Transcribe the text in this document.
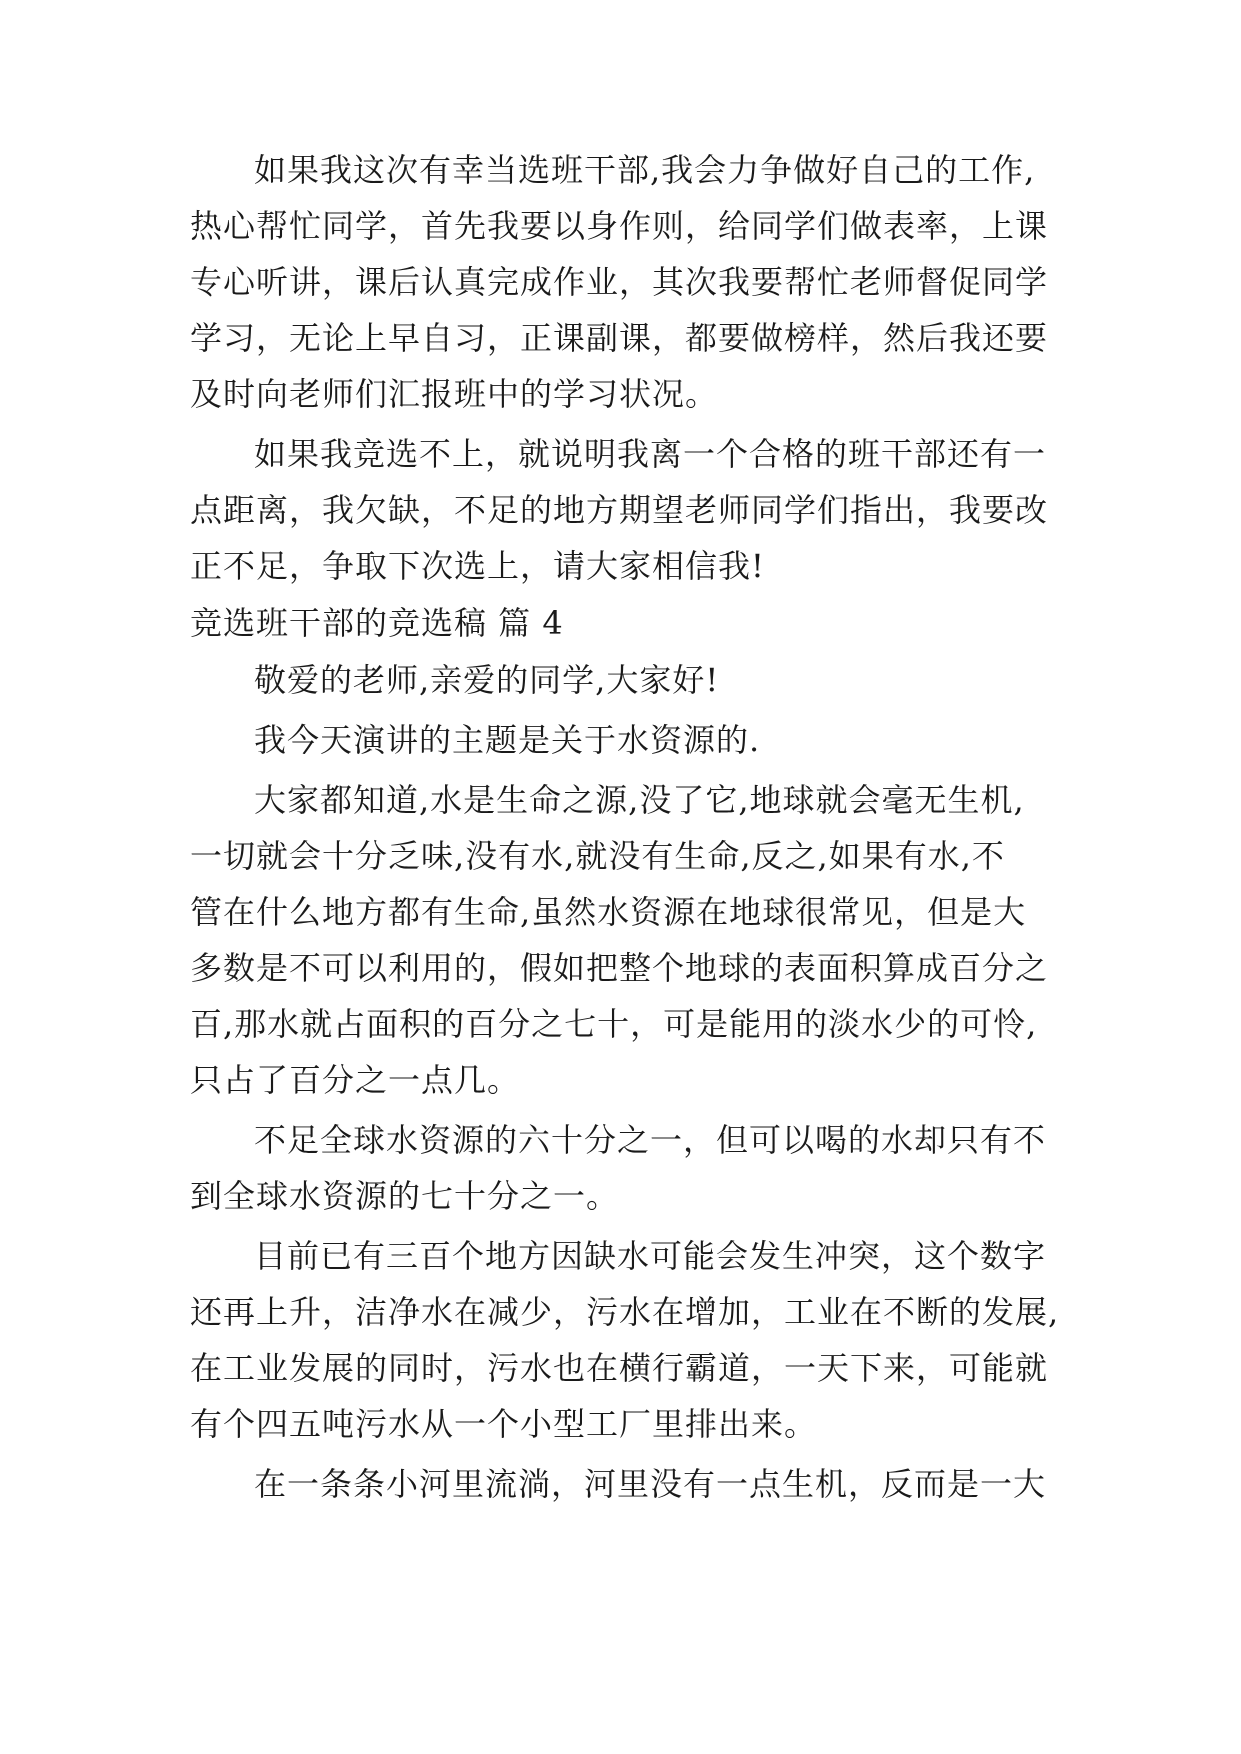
如果我这次有幸当选班干部,我会力争做好自己的工作,
热心帮忙同学，首先我要以身作则，给同学们做表率，上课
专心听讲，课后认真完成作业，其次我要帮忙老师督促同学
学习，无论上早自习，正课副课，都要做榜样，然后我还要
及时向老师们汇报班中的学习状况。
如果我竞选不上，就说明我离一个合格的班干部还有一
点距离，我欠缺，不足的地方期望老师同学们指出，我要改
正不足，争取下次选上，请大家相信我!
竞选班干部的竞选稿 篇 4
敬爱的老师,亲爱的同学,大家好!
我今天演讲的主题是关于水资源的.
大家都知道,水是生命之源,没了它,地球就会毫无生机,
一切就会十分乏味,没有水,就没有生命,反之,如果有水,不
管在什么地方都有生命,虽然水资源在地球很常见，但是大
多数是不可以利用的，假如把整个地球的表面积算成百分之
百,那水就占面积的百分之七十，可是能用的淡水少的可怜,
只占了百分之一点几。
不足全球水资源的六十分之一，但可以喝的水却只有不
到全球水资源的七十分之一。
目前已有三百个地方因缺水可能会发生冲突，这个数字
还再上升，洁净水在减少，污水在增加，工业在不断的发展,
在工业发展的同时，污水也在横行霸道，一天下来，可能就
有个四五吨污水从一个小型工厂里排出来。
在一条条小河里流淌，河里没有一点生机，反而是一大
